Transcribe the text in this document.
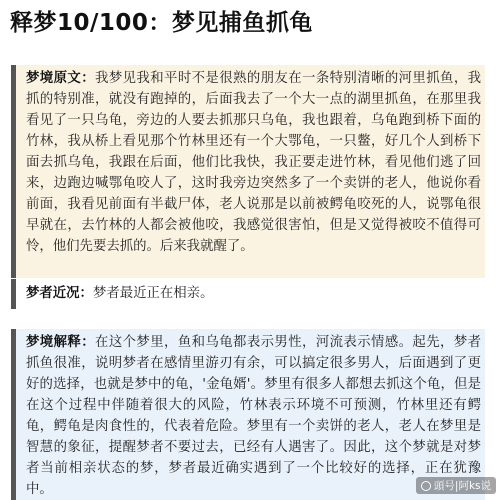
释梦10/100：梦见捕鱼抓龟
梦境原文：我梦见我和平时不是很熟的朋友在一条特别清晰的河里抓鱼，我抓的特别准，就没有跑掉的，后面我去了一个大一点的湖里抓鱼，在那里我看见了一只乌龟，旁边的人要去抓那只乌龟，我也跟着，乌龟跑到桥下面的竹林，我从桥上看见那个竹林里还有一个大鄂龟，一只鳖，好几个人到桥下面去抓乌龟，我跟在后面，他们比我快，我正要走进竹林，看见他们逃了回来，边跑边喊鄂龟咬人了，这时我旁边突然多了一个卖饼的老人，他说你看前面，我看见前面有半截尸体，老人说那是以前被鳄龟咬死的人，说鄂龟很早就在，去竹林的人都会被他咬，我感觉很害怕，但是又觉得被咬不值得可怜，他们先要去抓的。后来我就醒了。
梦者近况：梦者最近正在相亲。
梦境解释：在这个梦里，鱼和乌龟都表示男性，河流表示情感。起先，梦者抓鱼很准，说明梦者在感情里游刃有余，可以搞定很多男人，后面遇到了更好的选择，也就是梦中的龟，'金龟婿'。梦里有很多人都想去抓这个龟，但是在这个过程中伴随着很大的风险，竹林表示环境不可预测，竹林里还有鳄龟，鳄龟是肉食性的，代表着危险。梦里有一个卖饼的老人，老人在梦里是智慧的象征，提醒梦者不要过去，已经有人遇害了。因此，这个梦就是对梦者当前相亲状态的梦，梦者最近确实遇到了一个比较好的选择，正在犹豫中。	頭号|阿ks说
